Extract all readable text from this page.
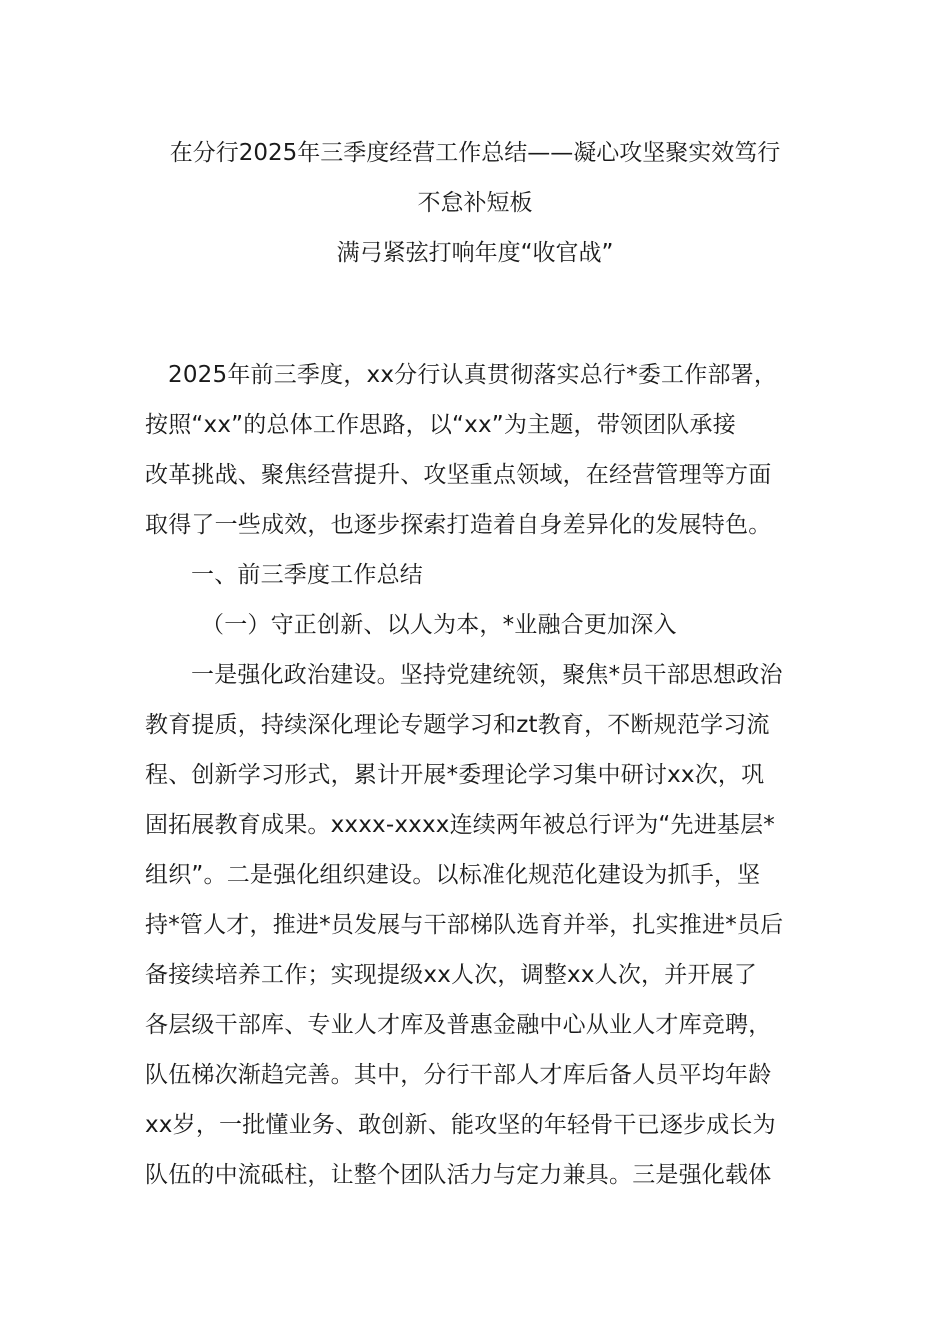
在分行2025年三季度经营工作总结——凝心攻坚聚实效笃行
不怠补短板
满弓紧弦打响年度“收官战”
2025年前三季度，xx分行认真贯彻落实总行*委工作部署，
按照“xx”的总体工作思路，以“xx”为主题，带领团队承接
改革挑战、聚焦经营提升、攻坚重点领域，在经营管理等方面
取得了一些成效，也逐步探索打造着自身差异化的发展特色。
一、前三季度工作总结
（一）守正创新、以人为本，*业融合更加深入
一是强化政治建设。坚持党建统领，聚焦*员干部思想政治
教育提质，持续深化理论专题学习和zt教育，不断规范学习流
程、创新学习形式，累计开展*委理论学习集中研讨xx次，巩
固拓展教育成果。xxxx-xxxx连续两年被总行评为“先进基层*
组织”。二是强化组织建设。以标准化规范化建设为抓手，坚
持*管人才，推进*员发展与干部梯队选育并举，扎实推进*员后
备接续培养工作；实现提级xx人次，调整xx人次，并开展了
各层级干部库、专业人才库及普惠金融中心从业人才库竞聘，
队伍梯次渐趋完善。其中，分行干部人才库后备人员平均年龄
xx岁，一批懂业务、敢创新、能攻坚的年轻骨干已逐步成长为
队伍的中流砥柱，让整个团队活力与定力兼具。三是强化载体
